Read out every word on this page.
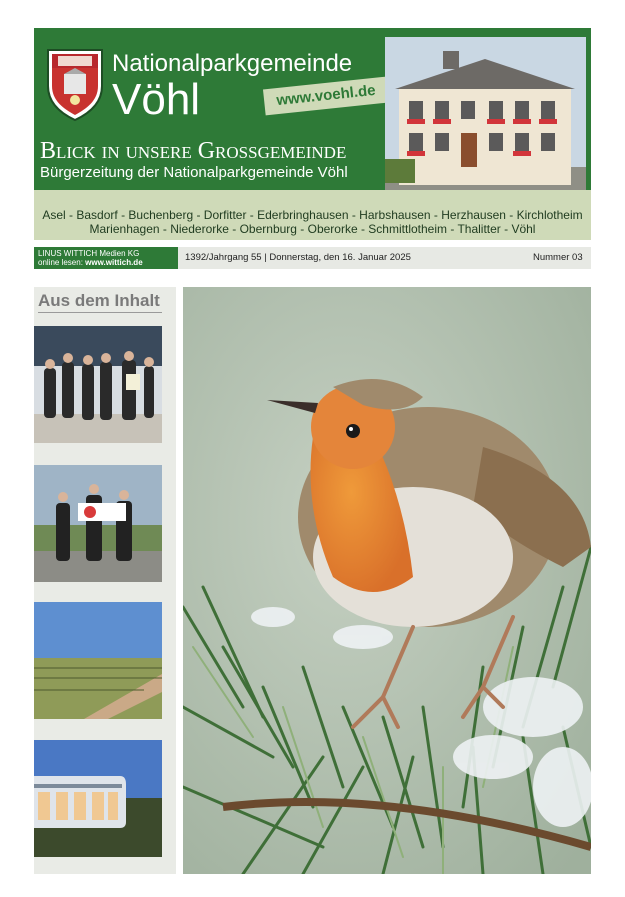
Nationalparkgemeinde
Vöhl	www.voehl.de
Blick in unsere Grossgemeinde
Bürgerzeitung der Nationalparkgemeinde Vöhl
Asel - Basdorf - Buchenberg - Dorfitter - Ederbringhausen - Harbshausen - Herzhausen - Kirchlotheim
Marienhagen - Niederorke - Obernburg - Oberorke - Schmittlotheim - Thalitter - Vöhl
LINUS WITTICH Medien KG
online lesen: www.wittich.de	1392/Jahrgang 55 | Donnerstag, den 16. Januar 2025	Nummer 03
Aus dem Inhalt
